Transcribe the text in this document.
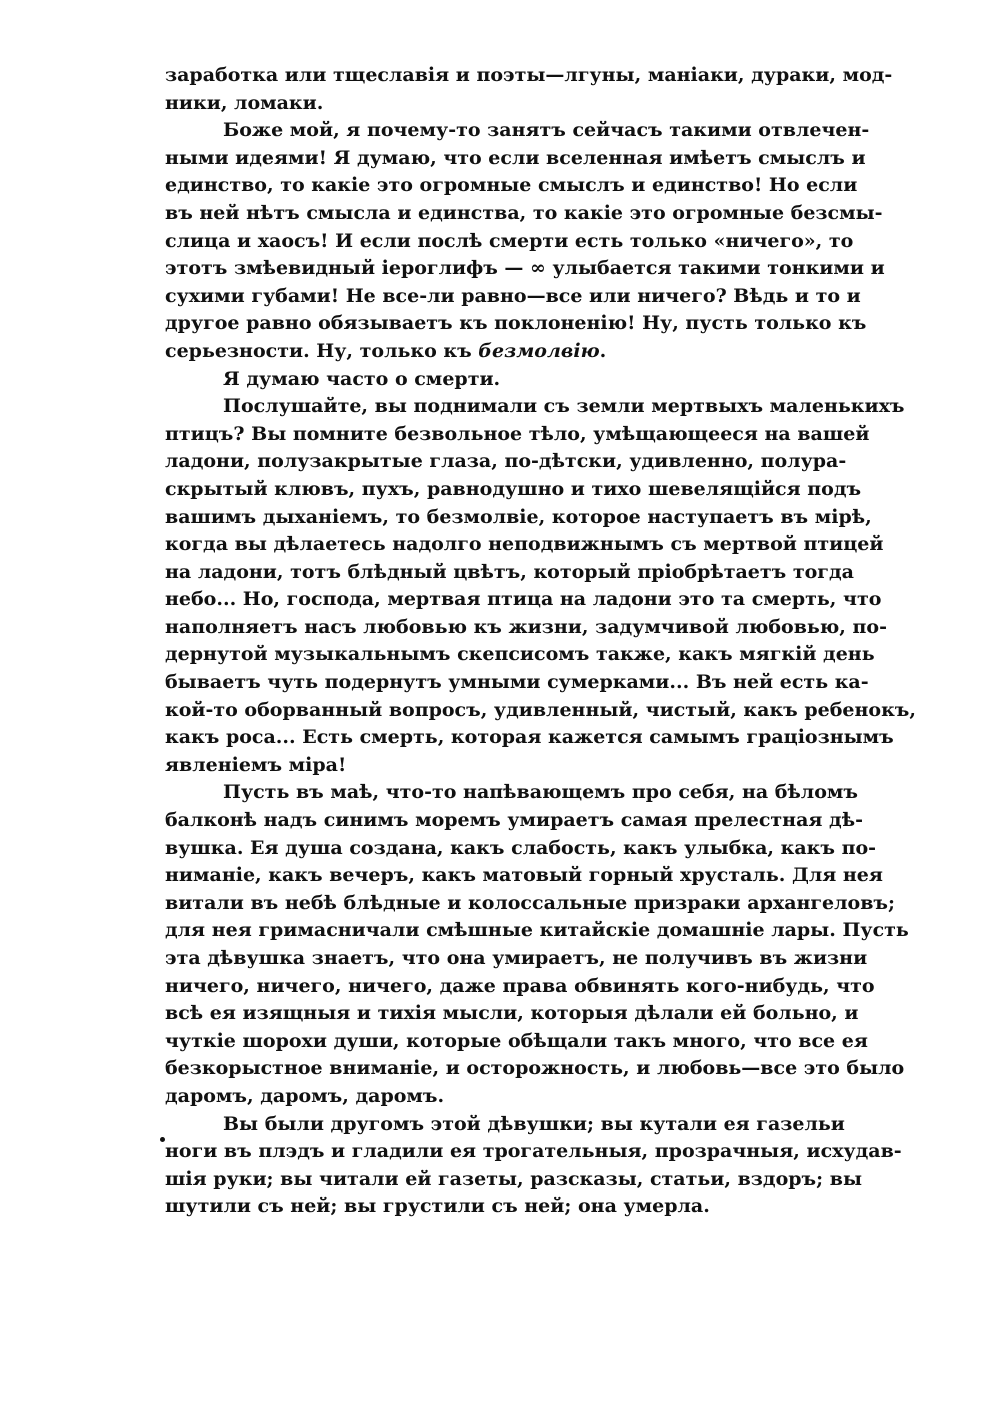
заработка или тщеславія и поэты—лгуны, маніаки, дураки, мод-
ники, ломаки.

Боже мой, я почему-то занятъ сейчасъ такими отвлечен-
ными идеями! Я думаю, что если вселенная имѣетъ смыслъ и
единство, то какіе это огромные смыслъ и единство! Но если
въ ней нѣтъ смысла и единства, то какіе это огромные безсмы-
слица и хаосъ! И если послѣ смерти есть только «ничего», то
этотъ змѣевидный іероглифъ — ∞ улыбается такими тонкими и
сухими губами! Не все-ли равно—все или ничего? Вѣдь и то и
другое равно обязываетъ къ поклоненію! Ну, пусть только къ
серьезности. Ну, только къ безмолвію.

Я думаю часто о смерти.

Послушайте, вы поднимали съ земли мертвыхъ маленькихъ
птицъ? Вы помните безвольное тѣло, умѣщающееся на вашей
ладони, полузакрытые глаза, по-дѣтски, удивленно, полура-
скрытый клювъ, пухъ, равнодушно и тихо шевелящійся подъ
вашимъ дыханіемъ, то безмолвіе, которое наступаетъ въ мірѣ,
когда вы дѣлаетесь надолго неподвижнымъ съ мертвой птицей
на ладони, тотъ блѣдный цвѣтъ, который пріобрѣтаетъ тогда
небо... Но, господа, мертвая птица на ладони это та смерть, что
наполняетъ насъ любовью къ жизни, задумчивой любовью, по-
дернутой музыкальнымъ скепсисомъ также, какъ мягкій день
бываетъ чуть подернутъ умными сумерками... Въ ней есть ка-
кой-то оборванный вопросъ, удивленный, чистый, какъ ребенокъ,
какъ роса... Есть смерть, которая кажется самымъ граціознымъ
явленіемъ міра!

Пусть въ маѣ, что-то напѣвающемъ про себя, на бѣломъ
балконѣ надъ синимъ моремъ умираетъ самая прелестная дѣ-
вушка. Ея душа создана, какъ слабость, какъ улыбка, какъ по-
ниманіе, какъ вечеръ, какъ матовый горный хрусталь. Для нея
витали въ небѣ блѣдные и колоссальные призраки архангеловъ;
для нея гримасничали смѣшные китайскіе домашніе лары. Пусть
эта дѣвушка знаетъ, что она умираетъ, не получивъ въ жизни
ничего, ничего, ничего, даже права обвинять кого-нибудь, что
всѣ ея изящныя и тихія мысли, которыя дѣлали ей больно, и
чуткіе шорохи души, которые обѣщали такъ много, что все ея
безкорыстное вниманіе, и осторожность, и любовь—все это было
даромъ, даромъ, даромъ.

Вы были другомъ этой дѣвушки; вы кутали ея газельи
ноги въ плэдъ и гладили ея трогательныя, прозрачныя, исхудав-
шія руки; вы читали ей газеты, разсказы, статьи, вздоръ; вы
шутили съ ней; вы грустили съ ней; она умерла.
